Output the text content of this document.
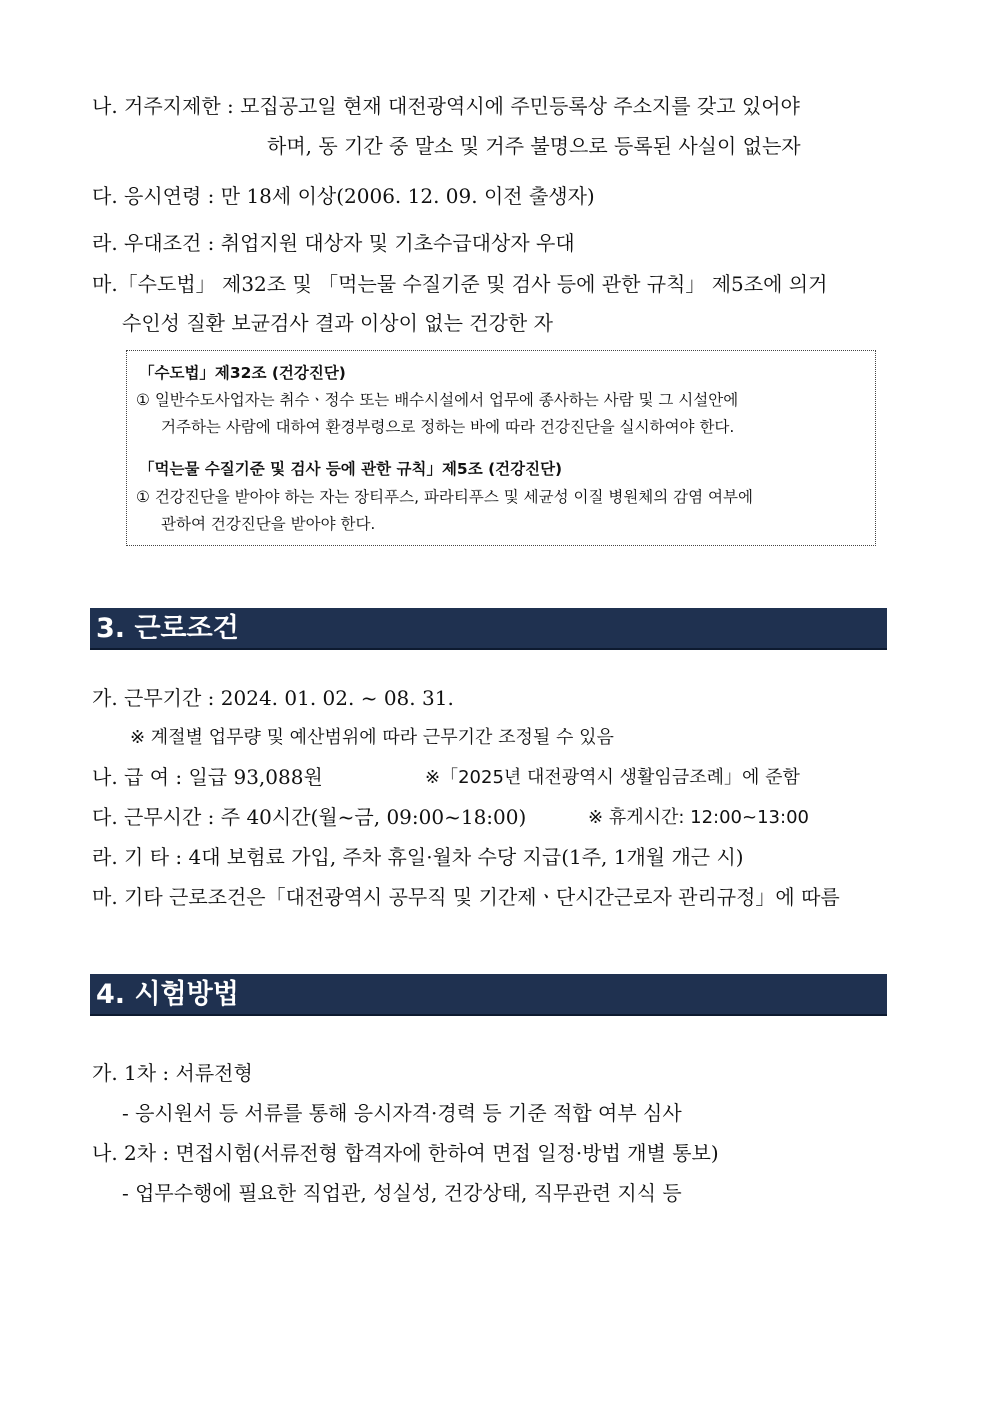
나. 거주지제한 : 모집공고일 현재 대전광역시에 주민등록상 주소지를 갖고 있어야
하며, 동 기간 중 말소 및 거주 불명으로 등록된 사실이 없는자
다. 응시연령 : 만 18세 이상(2006. 12. 09. 이전 출생자)
라. 우대조건 : 취업지원 대상자 및 기초수급대상자 우대
마.「수도법」 제32조 및 「먹는물 수질기준 및 검사 등에 관한 규칙」 제5조에 의거
수인성 질환 보균검사 결과 이상이 없는 건강한 자
「수도법」제32조 (건강진단)
① 일반수도사업자는 취수ㆍ정수 또는 배수시설에서 업무에 종사하는 사람 및 그 시설안에
거주하는 사람에 대하여 환경부령으로 정하는 바에 따라 건강진단을 실시하여야 한다.
「먹는물 수질기준 및 검사 등에 관한 규칙」제5조 (건강진단)
① 건강진단을 받아야 하는 자는 장티푸스, 파라티푸스 및 세균성 이질 병원체의 감염 여부에
관하여 건강진단을 받아야 한다.
3. 근로조건
가. 근무기간 : 2024. 01. 02. ~ 08. 31.
※ 계절별 업무량 및 예산범위에 따라 근무기간 조정될 수 있음
나. 급 여 : 일급 93,088원	※「2025년 대전광역시 생활임금조례」에 준함
다. 근무시간 : 주 40시간(월~금, 09:00~18:00)	※ 휴게시간: 12:00~13:00
라. 기 타 : 4대 보험료 가입, 주차 휴일·월차 수당 지급(1주, 1개월 개근 시)
마. 기타 근로조건은「대전광역시 공무직 및 기간제ㆍ단시간근로자 관리규정」에 따름
4. 시험방법
가. 1차 : 서류전형
- 응시원서 등 서류를 통해 응시자격·경력 등 기준 적합 여부 심사
나. 2차 : 면접시험(서류전형 합격자에 한하여 면접 일정·방법 개별 통보)
- 업무수행에 필요한 직업관, 성실성, 건강상태, 직무관련 지식 등
